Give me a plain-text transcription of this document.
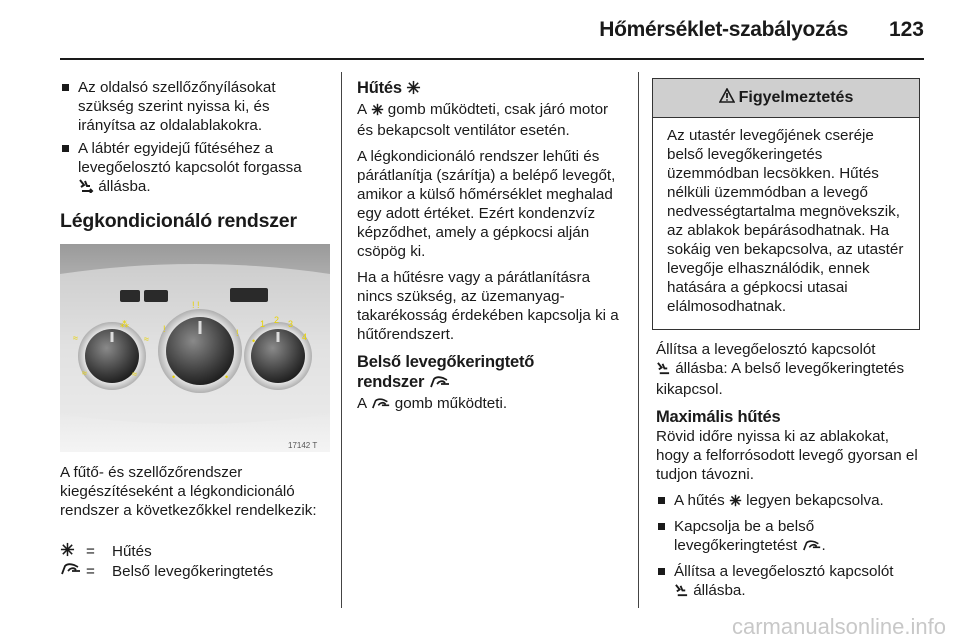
Hőmérséklet-szabályozás 123
Az oldalsó szellőzőnyílásokat szükség szerint nyissa ki, és irányítsa az oldalablakokra.
A lábtér egyidejű fűtéséhez a levegőelosztó kapcsolót forgassa
állásba.
Légkondicionáló rendszer
⁂
≈
≈
≈
≈
! !
!	!
•	•
1 2 3
4
•
17142 T
A fűtő- és szellőzőrendszer kiegészítéseként a légkondicionáló rendszer a következőkkel rendelkezik:
=	Hűtés
=	Belső levegőkeringtetés
Hűtés

A gomb működteti, csak járó motor és bekapcsolt ventilátor esetén.

A légkondicionáló rendszer lehűti és párátlanítja (szárítja) a belépő levegőt, amikor a külső hőmérséklet meghalad egy adott értéket. Ezért kondenzvíz képződhet, amely a gépkocsi alján csöpög ki.

Ha a hűtésre vagy a párátlanításra nincs szükség, az üzemanyag-takarékosság érdekében kapcsolja ki a hűtőrendszert.

Belső levegőkeringtető
rendszer

A gomb működteti.

Figyelmeztetés
Az utastér levegőjének cseréje belső levegőkeringetés üzemmódban lecsökken. Hűtés nélküli üzemmódban a levegő nedvességtartalma megnövekszik, az ablakok bepárásodhatnak. Ha sokáig ven bekapcsolva, az utastér levegője elhasználódik, ennek hatására a gépkocsi utasai elálmosodhatnak.

Állítsa a levegőelosztó kapcsolót
állásba: A belső levegőkeringtetés kikapcsol.

Maximális hűtés

Rövid időre nyissa ki az ablakokat, hogy a felforrósodott levegő gyorsan el tudjon távozni.

A hűtés legyen bekapcsolva.
Kapcsolja be a belső levegőkeringtetést .
Állítsa a levegőelosztó kapcsolót
állásba.
carmanualsonline.info
